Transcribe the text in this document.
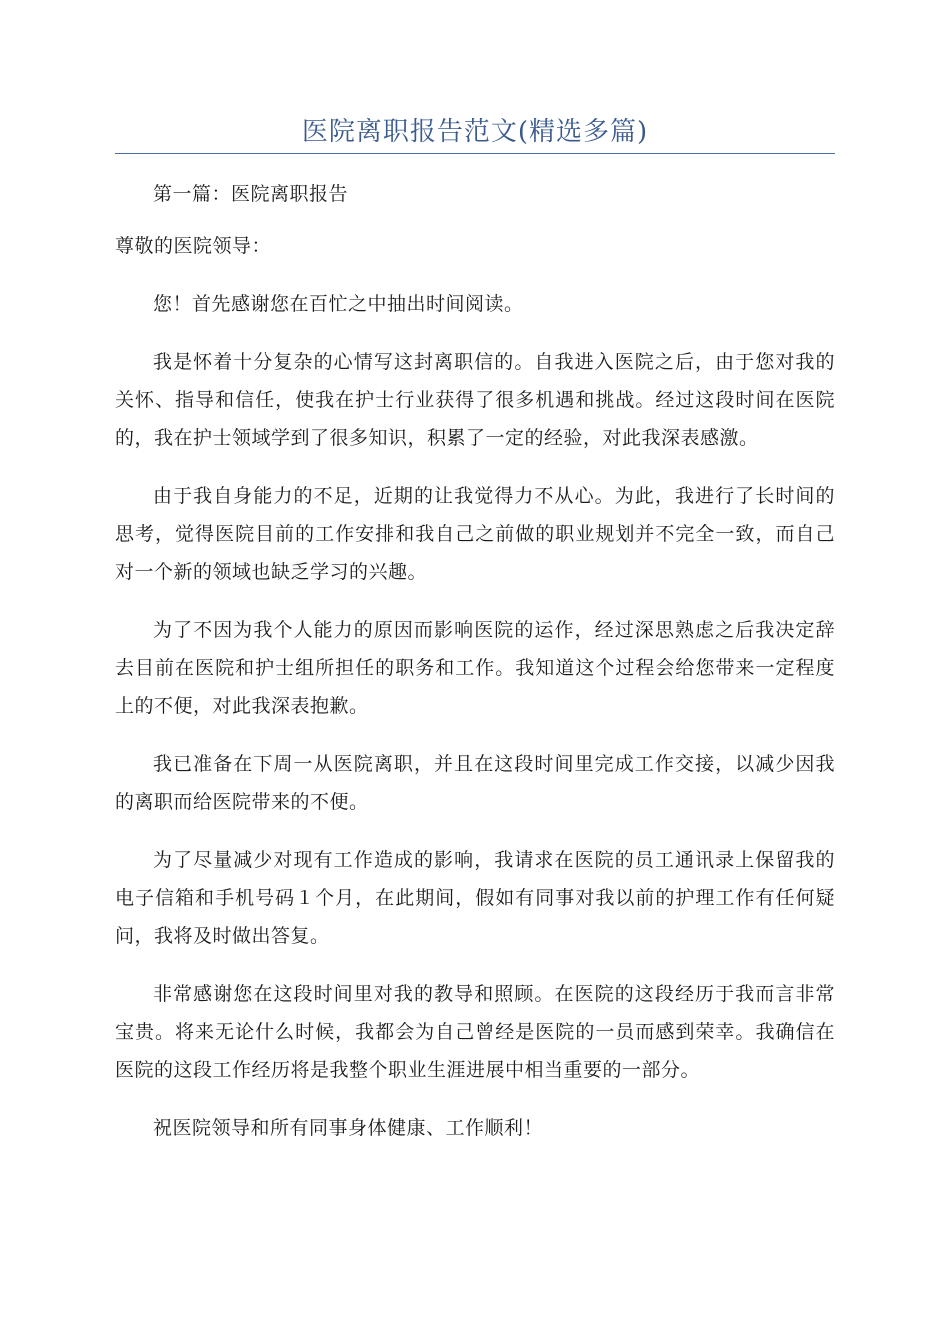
医院离职报告范文(精选多篇)

第一篇：医院离职报告

尊敬的医院领导：

您！首先感谢您在百忙之中抽出时间阅读。

我是怀着十分复杂的心情写这封离职信的。自我进入医院之后，由于您对我的关怀、指导和信任，使我在护士行业获得了很多机遇和挑战。经过这段时间在医院的，我在护士领域学到了很多知识，积累了一定的经验，对此我深表感激。

由于我自身能力的不足，近期的让我觉得力不从心。为此，我进行了长时间的思考，觉得医院目前的工作安排和我自己之前做的职业规划并不完全一致，而自己对一个新的领域也缺乏学习的兴趣。

为了不因为我个人能力的原因而影响医院的运作，经过深思熟虑之后我决定辞去目前在医院和护士组所担任的职务和工作。我知道这个过程会给您带来一定程度上的不便，对此我深表抱歉。

我已准备在下周一从医院离职，并且在这段时间里完成工作交接，以减少因我的离职而给医院带来的不便。

为了尽量减少对现有工作造成的影响，我请求在医院的员工通讯录上保留我的电子信箱和手机号码１个月，在此期间，假如有同事对我以前的护理工作有任何疑问，我将及时做出答复。

非常感谢您在这段时间里对我的教导和照顾。在医院的这段经历于我而言非常宝贵。将来无论什么时候，我都会为自己曾经是医院的一员而感到荣幸。我确信在医院的这段工作经历将是我整个职业生涯进展中相当重要的一部分。

祝医院领导和所有同事身体健康、工作顺利！
